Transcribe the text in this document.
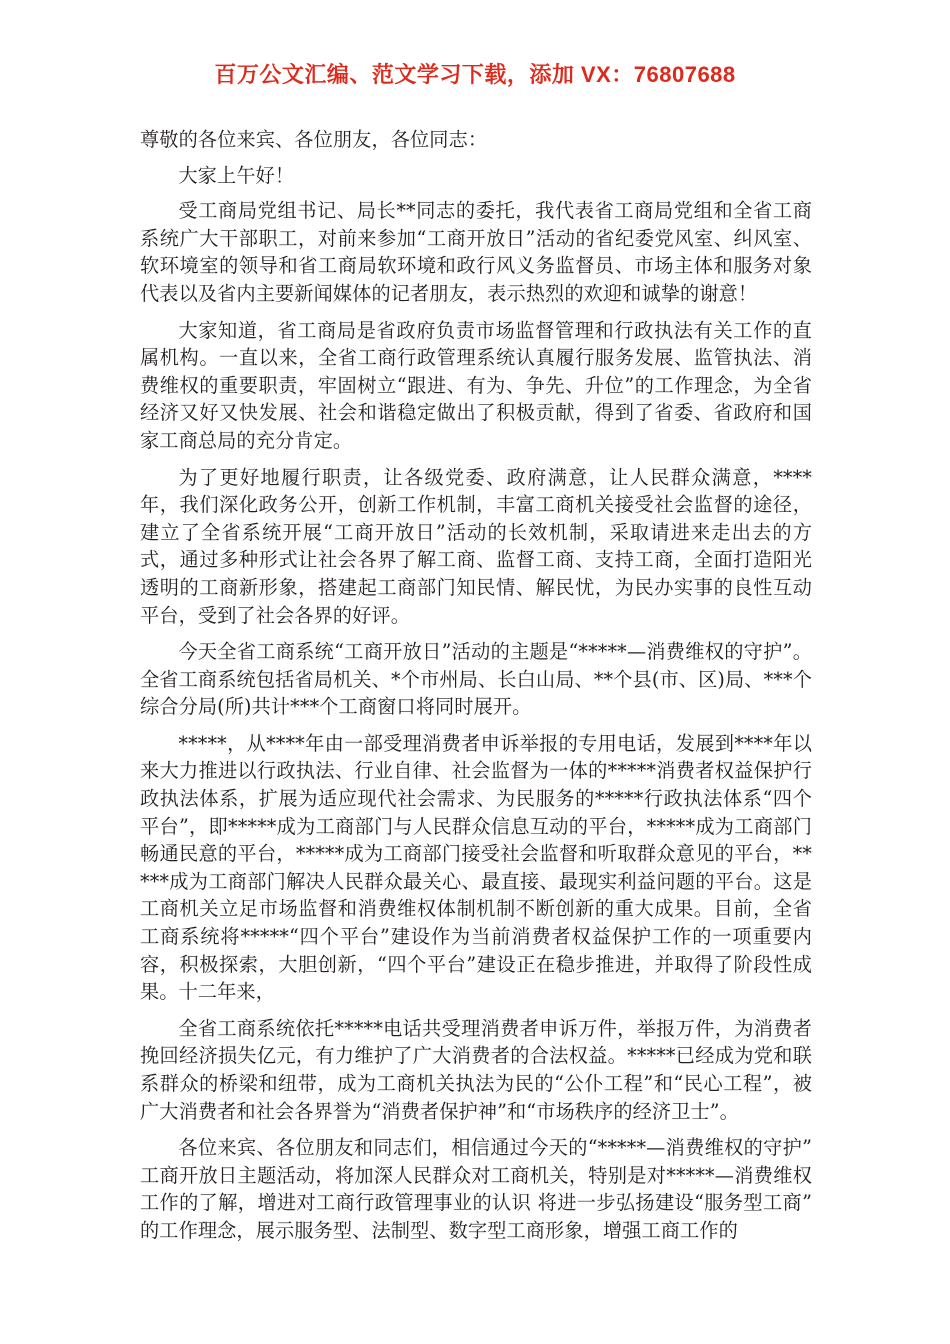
百万公文汇编、范文学习下载，添加 VX：76807688

尊敬的各位来宾、各位朋友，各位同志：

大家上午好！

受工商局党组书记、局长**同志的委托，我代表省工商局党组和全省工商系统广大干部职工，对前来参加“工商开放日”活动的省纪委党风室、纠风室、软环境室的领导和省工商局软环境和政行风义务监督员、市场主体和服务对象代表以及省内主要新闻媒体的记者朋友，表示热烈的欢迎和诚挚的谢意！

大家知道，省工商局是省政府负责市场监督管理和行政执法有关工作的直属机构。一直以来，全省工商行政管理系统认真履行服务发展、监管执法、消费维权的重要职责，牢固树立“跟进、有为、争先、升位”的工作理念，为全省经济又好又快发展、社会和谐稳定做出了积极贡献，得到了省委、省政府和国家工商总局的充分肯定。

为了更好地履行职责，让各级党委、政府满意，让人民群众满意，****年，我们深化政务公开，创新工作机制，丰富工商机关接受社会监督的途径，建立了全省系统开展“工商开放日”活动的长效机制，采取请进来走出去的方式，通过多种形式让社会各界了解工商、监督工商、支持工商，全面打造阳光透明的工商新形象，搭建起工商部门知民情、解民忧，为民办实事的良性互动平台，受到了社会各界的好评。

今天全省工商系统“工商开放日”活动的主题是“*****—消费维权的守护”。全省工商系统包括省局机关、*个市州局、长白山局、**个县(市、区)局、***个综合分局(所)共计***个工商窗口将同时展开。

*****，从****年由一部受理消费者申诉举报的专用电话，发展到****年以来大力推进以行政执法、行业自律、社会监督为一体的*****消费者权益保护行政执法体系，扩展为适应现代社会需求、为民服务的*****行政执法体系“四个平台”，即*****成为工商部门与人民群众信息互动的平台，*****成为工商部门畅通民意的平台，*****成为工商部门接受社会监督和听取群众意见的平台，*****成为工商部门解决人民群众最关心、最直接、最现实利益问题的平台。这是工商机关立足市场监督和消费维权体制机制不断创新的重大成果。目前，全省工商系统将*****“四个平台”建设作为当前消费者权益保护工作的一项重要内容，积极探索，大胆创新，“四个平台”建设正在稳步推进，并取得了阶段性成果。十二年来，

全省工商系统依托*****电话共受理消费者申诉万件，举报万件，为消费者挽回经济损失亿元，有力维护了广大消费者的合法权益。*****已经成为党和联系群众的桥梁和纽带，成为工商机关执法为民的“公仆工程”和“民心工程”，被广大消费者和社会各界誉为“消费者保护神”和“市场秩序的经济卫士”。

各位来宾、各位朋友和同志们，相信通过今天的“*****—消费维权的守护”工商开放日主题活动，将加深人民群众对工商机关，特别是对*****—消费维权工作的了解，增进对工商行政管理事业的认识 将进一步弘扬建设“服务型工商”的工作理念，展示服务型、法制型、数字型工商形象，增强工商工作的
